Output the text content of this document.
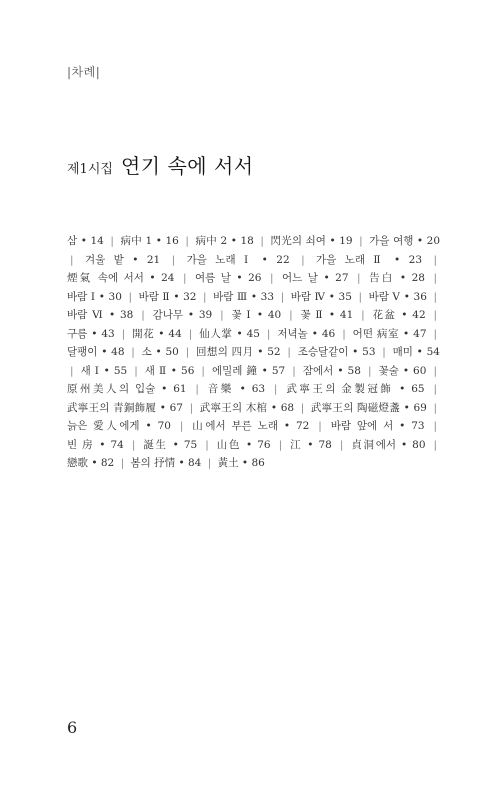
|차례|
제1시집 연기 속에 서서
삼 • 14 | 病中 1 • 16 | 病中 2 • 18 | 閃光의 쇠여 • 19 | 가을 여행 • 20 | 겨울 밭 • 21 | 가을 노래 Ⅰ • 22 | 가을 노래 Ⅱ • 23 | 煙氣 속에 서서 • 24 | 여름 날 • 26 | 어느 날 • 27 | 告白 • 28 | 바람 Ⅰ • 30 | 바람 Ⅱ • 32 | 바람 Ⅲ • 33 | 바람 Ⅳ • 35 | 바람 Ⅴ • 36 | 바람 Ⅵ • 38 | 감나무 • 39 | 꽃 Ⅰ • 40 | 꽃 Ⅱ • 41 | 花盆 • 42 | 구름 • 43 | 開花 • 44 | 仙人掌 • 45 | 저녁놀 • 46 | 어떤 病室 • 47 | 달팽이 • 48 | 소 • 50 | 回想의 四月 • 52 | 조승달같이 • 53 | 매미 • 54 | 새 Ⅰ • 55 | 새 Ⅱ • 56 | 에밀레 鐘 • 57 | 잠에서 • 58 | 꽃술 • 60 | 原州美人의 입술 • 61 | 音樂 • 63 | 武寧王의 金製冠飾 • 65 | 武寧王의 青銅飾履 • 67 | 武寧王의 木棺 • 68 | 武寧王의 陶磁燈盞 • 69 | 늙은 愛人에게 • 70 | 山에서 부른 노래 • 72 | 바람 앞에 서 • 73 | 빈 房 • 74 | 誕生 • 75 | 山色 • 76 | 江 • 78 | 貞洞에서 • 80 | 戀歌 • 82 | 봄의 抒情 • 84 | 黃土 • 86
6
